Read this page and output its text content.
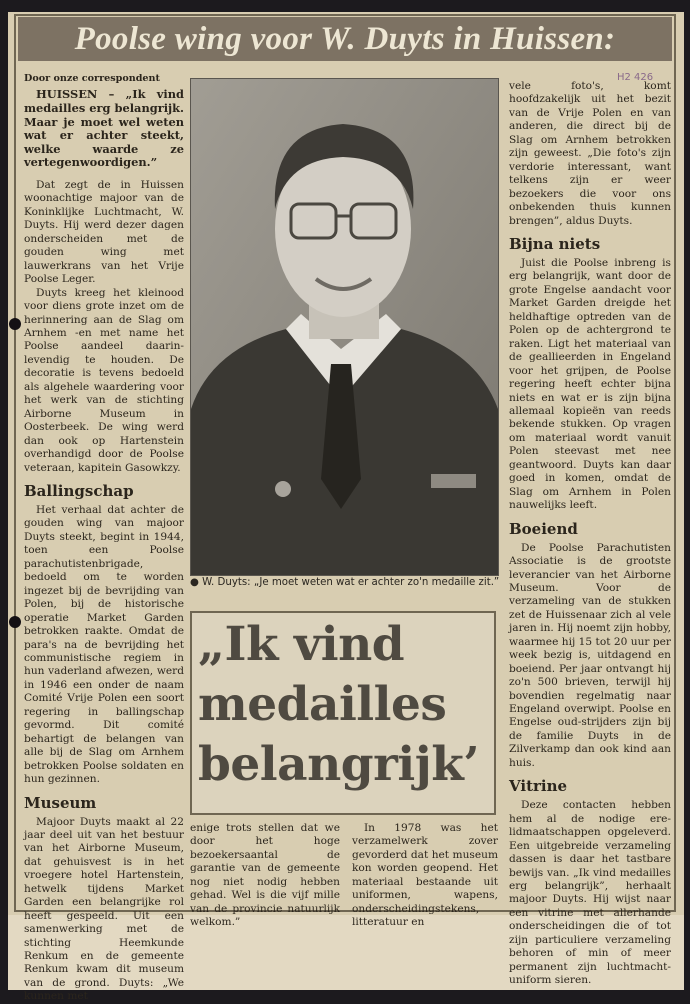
Poolse wing voor W. Duyts in Huissen:
H2 426

Door onze correspondent

HUISSEN – „Ik vind medailles erg belangrijk. Maar je moet wel weten wat er achter steekt, welke waarde ze vertegenwoordigen.”

Dat zegt de in Huissen woonachtige majoor van de Koninklijke Luchtmacht, W. Duyts. Hij werd dezer dagen onderscheiden met de gouden wing met lauwerkrans van het Vrije Poolse Leger.

Duyts kreeg het kleinood voor diens grote inzet om de herinnering aan de Slag om Arnhem -en met name het Poolse aandeel daarin- levendig te houden. De decoratie is tevens bedoeld als algehele waardering voor het werk van de stichting Airborne Museum in Oosterbeek. De wing werd dan ook op Hartenstein overhandigd door de Poolse veteraan, kapitein Gasowkzy.

Ballingschap

Het verhaal dat achter de gouden wing van majoor Duyts steekt, begint in 1944, toen een Poolse parachutistenbrigade, bedoeld om te worden ingezet bij de bevrijding van Polen, bij de historische operatie Market Garden betrokken raakte. Omdat de para's na de bevrijding het communistische regiem in hun vaderland afwezen, werd in 1946 een onder de naam Comité Vrije Polen een soort regering in ballingschap gevormd. Dit comité behartigt de belangen van alle bij de Slag om Arnhem betrokken Poolse soldaten en hun gezinnen.

Museum

Majoor Duyts maakt al 22 jaar deel uit van het bestuur van het Airborne Museum, dat gehuisvest is in het vroegere hotel Hartenstein, hetwelk tijdens Market Garden een belangrijke rol heeft gespeeld. Uit een samenwerking met de stichting Heemkunde Renkum en de gemeente Renkum kwam dit museum van de grond. Duyts: „We kunnen met

● W. Duyts: „Je moet weten wat er achter zo'n medaille zit.”
„Ik vind
medailles
belangrijk’

enige trots stellen dat we door het hoge bezoekersaantal de garantie van de gemeente nog niet nodig hebben gehad. Wel is die vijf mille van de provincie natuurlijk welkom.”

In 1978 was het verzamelwerk zover gevorderd dat het museum kon worden geopend. Het materiaal bestaande uit uniformen, wapens, onderscheidingstekens, litteratuur en

vele foto's, komt hoofdzakelijk uit het bezit van de Vrije Polen en van anderen, die direct bij de Slag om Arnhem betrokken zijn geweest. „Die foto's zijn verdorie interessant, want telkens zijn er weer bezoekers die voor ons onbekenden thuis kunnen brengen”, aldus Duyts.

Bijna niets

Juist die Poolse inbreng is erg belangrijk, want door de grote Engelse aandacht voor Market Garden dreigde het heldhaftige optreden van de Polen op de achtergrond te raken. Ligt het materiaal van de geallieerden in Engeland voor het grijpen, de Poolse regering heeft echter bijna niets en wat er is zijn bijna allemaal kopieën van reeds bekende stukken. Op vragen om materiaal wordt vanuit Polen steevast met nee geantwoord. Duyts kan daar goed in komen, omdat de Slag om Arnhem in Polen nauwelijks leeft.

Boeiend

De Poolse Parachutisten Associatie is de grootste leverancier van het Airborne Museum. Voor de verzameling van de stukken zet de Huissenaar zich al vele jaren in. Hij noemt zijn hobby, waarmee hij 15 tot 20 uur per week bezig is, uitdagend en boeiend. Per jaar ontvangt hij zo'n 500 brieven, terwijl hij bovendien regelmatig naar Engeland overwipt. Poolse en Engelse oud-strijders zijn bij de familie Duyts in de Zilverkamp dan ook kind aan huis.

Vitrine

Deze contacten hebben hem al de nodige ere-lidmaatschappen opgeleverd. Een uitgebreide verzameling dassen is daar het tastbare bewijs van. „Ik vind medailles erg belangrijk”, herhaalt majoor Duyts. Hij wijst naar een vitrine met allerhande onderscheidingen die of tot zijn particuliere verzameling behoren of min of meer permanent zijn luchtmacht-uniform sieren.
